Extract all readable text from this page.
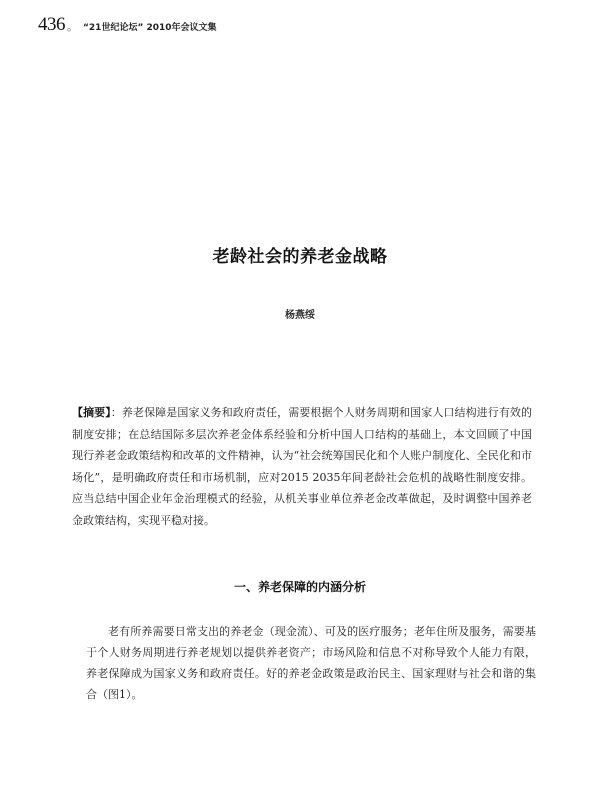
436 。 “21世纪论坛” 2010年会议文集
老龄社会的养老金战略
杨燕绥

【摘要】：养老保障是国家义务和政府责任，需要根据个人财务周期和国家人口结构进行有效的制度安排；在总结国际多层次养老金体系经验和分析中国人口结构的基础上，本文回顾了中国现行养老金政策结构和改革的文件精神，认为“社会统筹国民化和个人账户制度化、全民化和市场化”，是明确政府责任和市场机制，应对2015 2035年间老龄社会危机的战略性制度安排。应当总结中国企业年金治理模式的经验，从机关事业单位养老金改革做起，及时调整中国养老金政策结构，实现平稳对接。

一、养老保障的内涵分析

老有所养需要日常支出的养老金（现金流）、可及的医疗服务；老年住所及服务，需要基于个人财务周期进行养老规划以提供养老资产；市场风险和信息不对称导致个人能力有限，养老保障成为国家义务和政府责任。好的养老金政策是政治民主、国家理财与社会和谐的集合（图1）。
